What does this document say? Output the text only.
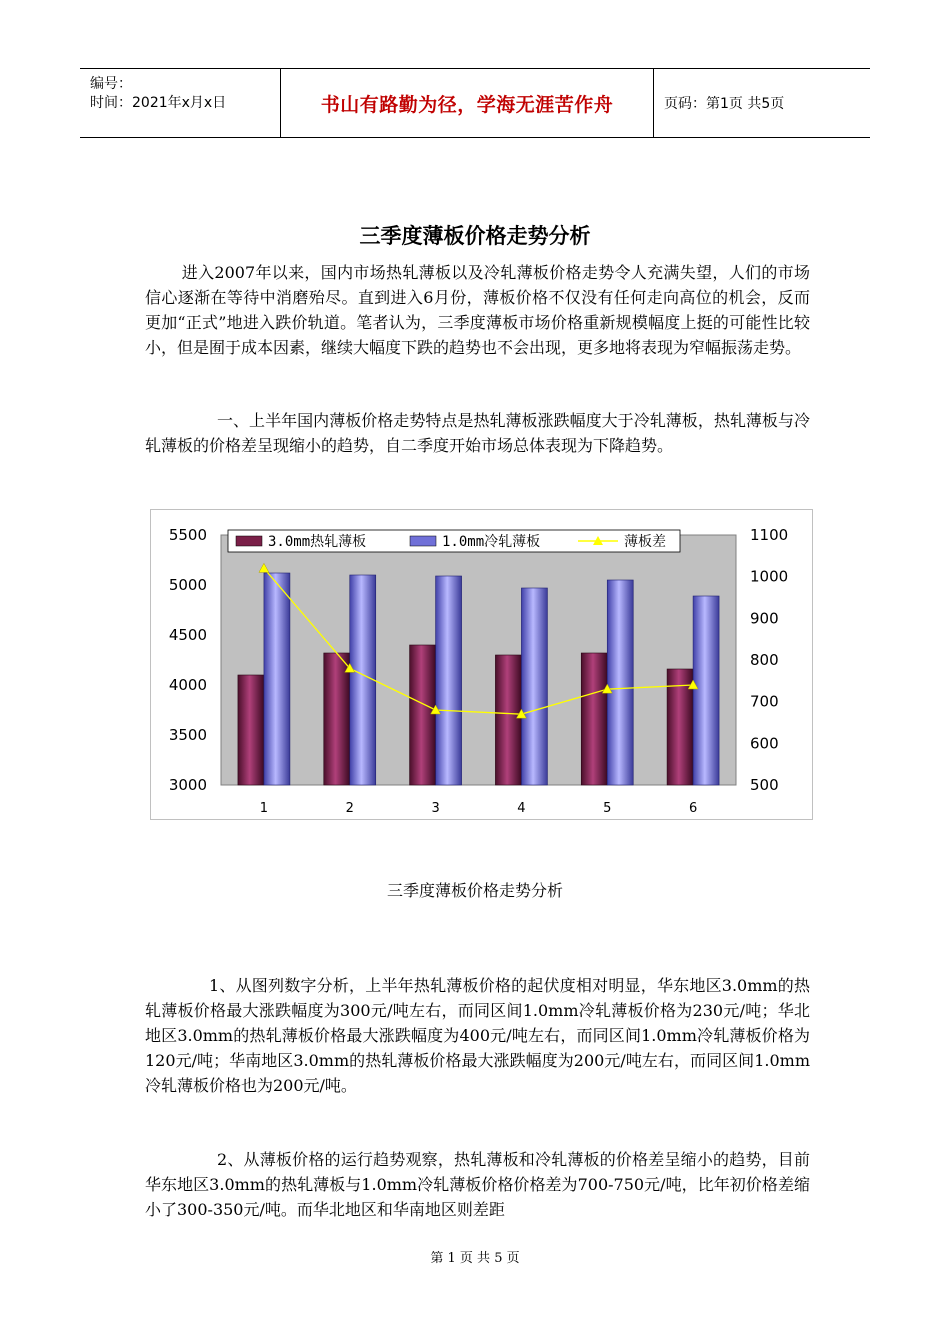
编号：
时间：2021年x月x日	书山有路勤为径，学海无涯苦作舟	页码：第1页 共5页
三季度薄板价格走势分析

进入2007年以来，国内市场热轧薄板以及冷轧薄板价格走势令人充满失望，人们的市场信心逐渐在等待中消磨殆尽。直到进入6月份，薄板价格不仅没有任何走向高位的机会，反而更加“正式”地进入跌价轨道。笔者认为，三季度薄板市场价格重新规模幅度上挺的可能性比较小，但是囿于成本因素，继续大幅度下跌的趋势也不会出现，更多地将表现为窄幅振荡走势。

一、上半年国内薄板价格走势特点是热轧薄板涨跌幅度大于冷轧薄板，热轧薄板与冷轧薄板的价格差呈现缩小的趋势，自二季度开始市场总体表现为下降趋势。

3000
3500
4000
4500
5000
5500
500
600
700
800
900
1000
1100
1	2	3	4	5	6
3.0mm热轧薄板	1.0mm冷轧薄板	薄板差
三季度薄板价格走势分析

1、从图列数字分析，上半年热轧薄板价格的起伏度相对明显，华东地区3.0mm的热轧薄板价格最大涨跌幅度为300元/吨左右，而同区间1.0mm冷轧薄板价格为230元/吨；华北地区3.0mm的热轧薄板价格最大涨跌幅度为400元/吨左右，而同区间1.0mm冷轧薄板价格为120元/吨；华南地区3.0mm的热轧薄板价格最大涨跌幅度为200元/吨左右，而同区间1.0mm冷轧薄板价格也为200元/吨。

2、从薄板价格的运行趋势观察，热轧薄板和冷轧薄板的价格差呈缩小的趋势，目前华东地区3.0mm的热轧薄板与1.0mm冷轧薄板价格价格差为700-750元/吨，比年初价格差缩小了300-350元/吨。而华北地区和华南地区则差距

第 1 页 共 5 页
